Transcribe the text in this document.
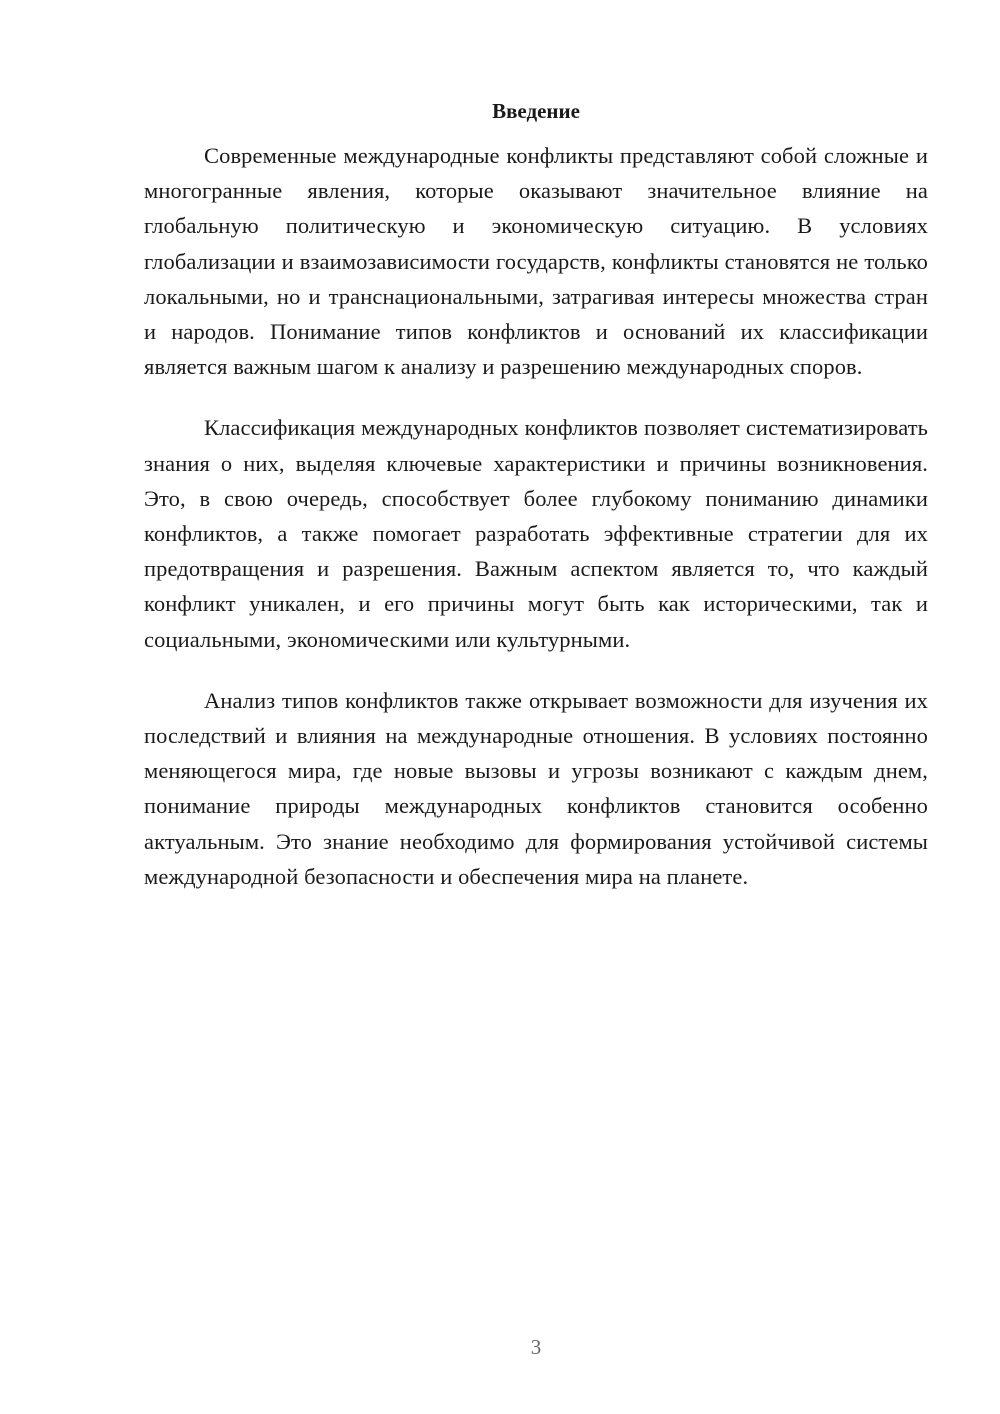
Введение

Современные международные конфликты представляют собой сложные и многогранные явления, которые оказывают значительное влияние на глобальную политическую и экономическую ситуацию. В условиях глобализации и взаимозависимости государств, конфликты становятся не только локальными, но и транснациональными, затрагивая интересы множества стран и народов. Понимание типов конфликтов и оснований их классификации является важным шагом к анализу и разрешению международных споров.

Классификация международных конфликтов позволяет систематизировать знания о них, выделяя ключевые характеристики и причины возникновения. Это, в свою очередь, способствует более глубокому пониманию динамики конфликтов, а также помогает разработать эффективные стратегии для их предотвращения и разрешения. Важным аспектом является то, что каждый конфликт уникален, и его причины могут быть как историческими, так и социальными, экономическими или культурными.

Анализ типов конфликтов также открывает возможности для изучения их последствий и влияния на международные отношения. В условиях постоянно меняющегося мира, где новые вызовы и угрозы возникают с каждым днем, понимание природы международных конфликтов становится особенно актуальным. Это знание необходимо для формирования устойчивой системы международной безопасности и обеспечения мира на планете.

3
